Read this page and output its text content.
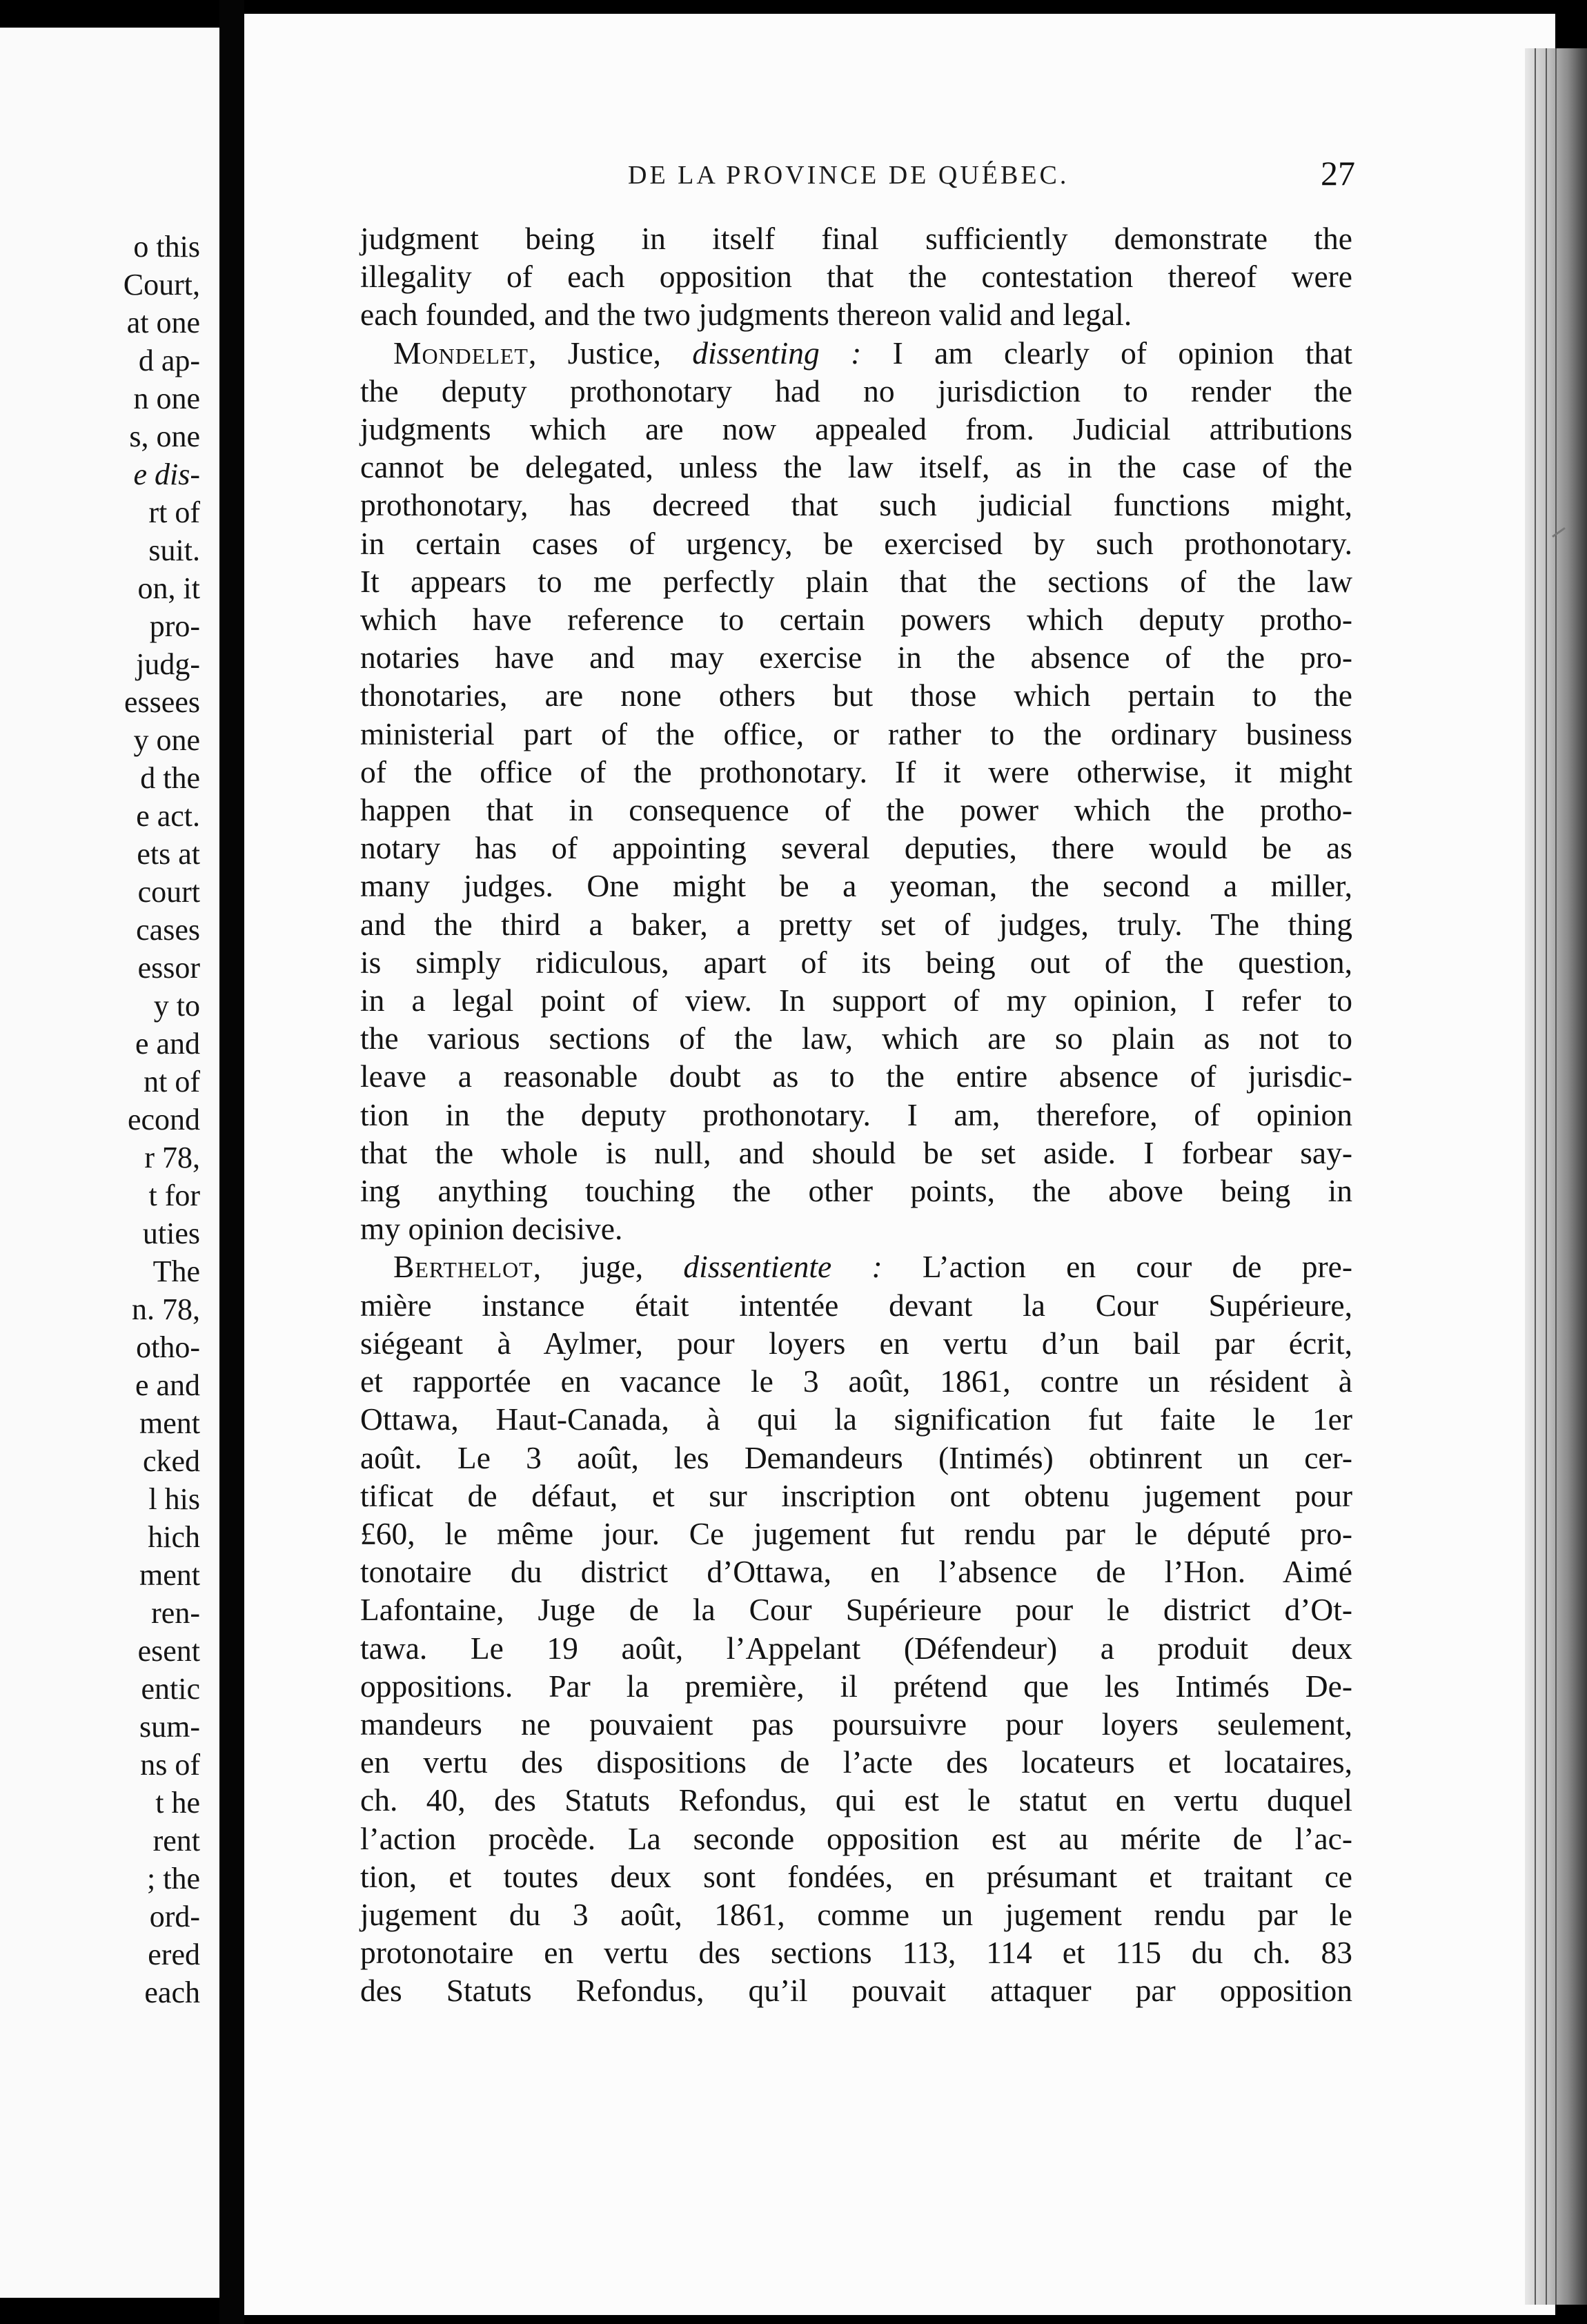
o this
Court,
at one
d ap-
n one
s, one
e dis-
rt of
suit.
on, it
pro-
judg-
essees
y one
d the
e act.
ets at
court
cases
essor
y to
e and
nt of
econd
r 78,
t for
uties
The
n. 78,
otho-
e and
ment
cked
l his
hich
ment
ren-
esent
entic
sum-
ns of
t he
rent
; the
ord-
ered
each
DE LA PROVINCE DE QUÉBEC.	27
judgment being in itself final sufficiently demonstrate the
illegality of each opposition that the contestation thereof were
each founded, and the two judgments thereon valid and legal.
Mondelet, Justice, dissenting : I am clearly of opinion that
the deputy prothonotary had no jurisdiction to render the
judgments which are now appealed from. Judicial attributions
cannot be delegated, unless the law itself, as in the case of the
prothonotary, has decreed that such judicial functions might,
in certain cases of urgency, be exercised by such prothonotary.
It appears to me perfectly plain that the sections of the law
which have reference to certain powers which deputy protho-
notaries have and may exercise in the absence of the pro-
thonotaries, are none others but those which pertain to the
ministerial part of the office, or rather to the ordinary business
of the office of the prothonotary. If it were otherwise, it might
happen that in consequence of the power which the protho-
notary has of appointing several deputies, there would be as
many judges. One might be a yeoman, the second a miller,
and the third a baker, a pretty set of judges, truly. The thing
is simply ridiculous, apart of its being out of the question,
in a legal point of view. In support of my opinion, I refer to
the various sections of the law, which are so plain as not to
leave a reasonable doubt as to the entire absence of jurisdic-
tion in the deputy prothonotary. I am, therefore, of opinion
that the whole is null, and should be set aside. I forbear say-
ing anything touching the other points, the above being in
my opinion decisive.
Berthelot, juge, dissentiente : L’action en cour de pre-
mière instance était intentée devant la Cour Supérieure,
siégeant à Aylmer, pour loyers en vertu d’un bail par écrit,
et rapportée en vacance le 3 août, 1861, contre un résident à
Ottawa, Haut-Canada, à qui la signification fut faite le 1er
août. Le 3 août, les Demandeurs (Intimés) obtinrent un cer-
tificat de défaut, et sur inscription ont obtenu jugement pour
£60, le même jour. Ce jugement fut rendu par le député pro-
tonotaire du district d’Ottawa, en l’absence de l’Hon. Aimé
Lafontaine, Juge de la Cour Supérieure pour le district d’Ot-
tawa. Le 19 août, l’Appelant (Défendeur) a produit deux
oppositions. Par la première, il prétend que les Intimés De-
mandeurs ne pouvaient pas poursuivre pour loyers seulement,
en vertu des dispositions de l’acte des locateurs et locataires,
ch. 40, des Statuts Refondus, qui est le statut en vertu duquel
l’action procède. La seconde opposition est au mérite de l’ac-
tion, et toutes deux sont fondées, en présumant et traitant ce
jugement du 3 août, 1861, comme un jugement rendu par le
protonotaire en vertu des sections 113, 114 et 115 du ch. 83
des Statuts Refondus, qu’il pouvait attaquer par opposition
